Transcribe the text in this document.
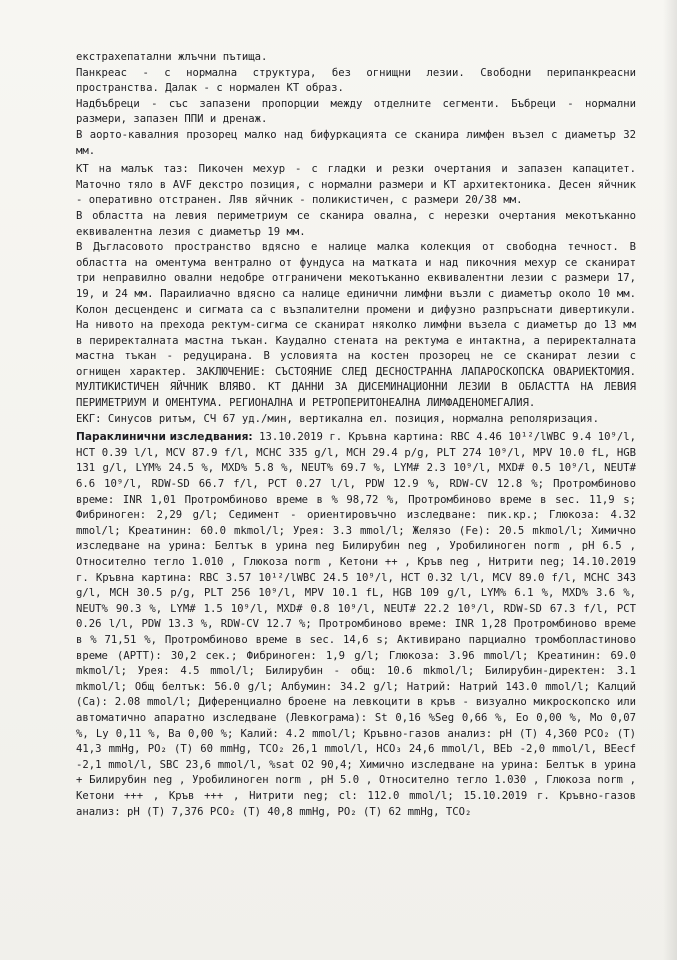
екстрахепатални жлъчни пътища.

Панкреас - с нормална структура, без огнищни лезии. Свободни перипанкреасни пространства. Далак - с нормален КТ образ.

Надбъбреци - със запазени пропорции между отделните сегменти. Бъбреци - нормални размери, запазен ППИ и дренаж.

В аорто-кавалния прозорец малко над бифуркацията се сканира лимфен възел с диаметър 32 мм.

КТ на малък таз: Пикочен мехур - с гладки и резки очертания и запазен капацитет. Маточно тяло в AVF декстро позиция, с нормални размери и КТ архитектоника. Десен яйчник - оперативно отстранен. Ляв яйчник - поликистичен, с размери 20/38 мм.

В областта на левия периметриум се сканира овална, с нерезки очертания мекотъканно еквивалентна лезия с диаметър 19 мм.

В Дъгласовото пространство вдясно е налице малка колекция от свободна течност. В областта на оментума вентрално от фундуса на матката и над пикочния мехур се сканират три неправилно овални недобре отграничени мекотъканно еквивалентни лезии с размери 17, 19, и 24 мм. Параилиачно вдясно са налице единични лимфни възли с диаметър около 10 мм. Колон десценденс и сигмата са с възпалителни промени и дифузно разпръснати дивертикули. На нивото на прехода ректум-сигма се сканират няколко лимфни възела с диаметър до 13 мм в периректалната мастна тъкан. Каудално стената на ректума е интактна, а периректалната мастна тъкан - редуцирана. В условията на костен прозорец не се сканират лезии с огнищен характер. ЗАКЛЮЧЕНИЕ: СЪСТОЯНИЕ СЛЕД ДЕСНОСТРАННА ЛАПАРОСКОПСКА ОВАРИЕКТОМИЯ. МУЛТИКИСТИЧЕН ЯЙЧНИК ВЛЯВО. КТ ДАННИ ЗА ДИСЕМИНАЦИОННИ ЛЕЗИИ В ОБЛАСТТА НА ЛЕВИЯ ПЕРИМЕТРИУМ И ОМЕНТУМА. РЕГИОНАЛНА И РЕТРОПЕРИТОНЕАЛНА ЛИМФАДЕНОМЕГАЛИЯ.

ЕКГ: Синусов ритъм, СЧ 67 уд./мин, вертикална ел. позиция, нормална реполяризация.

Параклинични изследвания: 13.10.2019 г. Кръвна картина: RBC 4.46 10¹²/lWBC 9.4 10⁹/l, HCT 0.39 l/l, MCV 87.9 f/l, MCHC 335 g/l, MCH 29.4 p/g, PLT 274 10⁹/l, MPV 10.0 fL, HGB 131 g/l, LYM% 24.5 %, MXD% 5.8 %, NEUT% 69.7 %, LYM# 2.3 10⁹/l, MXD# 0.5 10⁹/l, NEUT# 6.6 10⁹/l, RDW-SD 66.7 f/l, PCT 0.27 l/l, PDW 12.9 %, RDW-CV 12.8 %; Протромбиново време: INR 1,01 Протромбиново време в % 98,72 %, Протромбиново време в sec. 11,9 s; Фибриноген: 2,29 g/l; Седимент - ориентировъчно изследване: пик.кр.; Глюкоза: 4.32 mmol/l; Креатинин: 60.0 mkmol/l; Урея: 3.3 mmol/l; Желязо (Fe): 20.5 mkmol/l; Химично изследване на урина: Белтък в урина neg Билирубин neg , Уробилиноген norm , pH 6.5 , Относително тегло 1.010 , Глюкоза norm , Кетони ++ , Кръв neg , Нитрити neg; 14.10.2019 г. Кръвна картина: RBC 3.57 10¹²/lWBC 24.5 10⁹/l, HCT 0.32 l/l, MCV 89.0 f/l, MCHC 343 g/l, MCH 30.5 p/g, PLT 256 10⁹/l, MPV 10.1 fL, HGB 109 g/l, LYM% 6.1 %, MXD% 3.6 %, NEUT% 90.3 %, LYM# 1.5 10⁹/l, MXD# 0.8 10⁹/l, NEUT# 22.2 10⁹/l, RDW-SD 67.3 f/l, PCT 0.26 l/l, PDW 13.3 %, RDW-CV 12.7 %; Протромбиново време: INR 1,28 Протромбиново време в % 71,51 %, Протромбиново време в sec. 14,6 s; Активирано парциално тромбопластиново време (APTT): 30,2 сек.; Фибриноген: 1,9 g/l; Глюкоза: 3.96 mmol/l; Креатинин: 69.0 mkmol/l; Урея: 4.5 mmol/l; Билирубин - общ: 10.6 mkmol/l; Билирубин-директен: 3.1 mkmol/l; Общ белтък: 56.0 g/l; Албумин: 34.2 g/l; Натрий: Натрий 143.0 mmol/l; Калций (Са): 2.08 mmol/l; Диференциално броене на левкоцити в кръв - визуално микроскопско или автоматично апаратно изследване (Левкограма): St 0,16 %Seg 0,66 %, Eo 0,00 %, Mo 0,07 %, Ly 0,11 %, Ba 0,00 %; Калий: 4.2 mmol/l; Кръвно-газов анализ: pH (T) 4,360 PCO₂ (T) 41,3 mmHg, PO₂ (T) 60 mmHg, TCO₂ 26,1 mmol/l, HCO₃ 24,6 mmol/l, BEb -2,0 mmol/l, BEecf -2,1 mmol/l, SBC 23,6 mmol/l, %sat O2 90,4; Химично изследване на урина: Белтък в урина + Билирубин neg , Уробилиноген norm , pH 5.0 , Относително тегло 1.030 , Глюкоза norm , Кетони +++ , Кръв +++ , Нитрити neg; cl: 112.0 mmol/l; 15.10.2019 г. Кръвно-газов анализ: pH (T) 7,376 PCO₂ (T) 40,8 mmHg, PO₂ (T) 62 mmHg, TCO₂
